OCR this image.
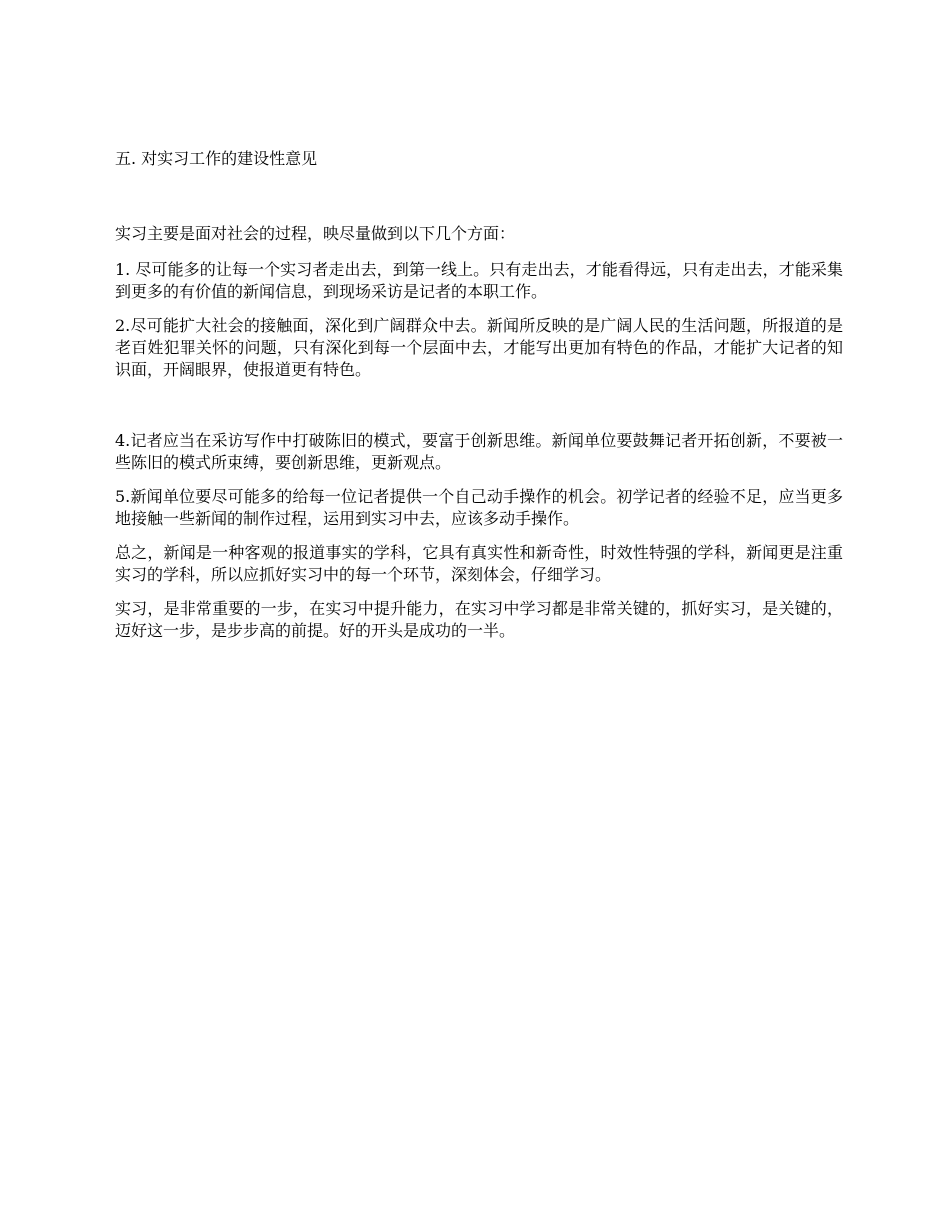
五. 对实习工作的建设性意见

实习主要是面对社会的过程，映尽量做到以下几个方面：

1. 尽可能多的让每一个实习者走出去，到第一线上。只有走出去，才能看得远，只有走出去，才能采集到更多的有价值的新闻信息，到现场采访是记者的本职工作。

2.尽可能扩大社会的接触面，深化到广阔群众中去。新闻所反映的是广阔人民的生活问题，所报道的是老百姓犯罪关怀的问题，只有深化到每一个层面中去，才能写出更加有特色的作品，才能扩大记者的知识面，开阔眼界，使报道更有特色。

4.记者应当在采访写作中打破陈旧的模式，要富于创新思维。新闻单位要鼓舞记者开拓创新，不要被一些陈旧的模式所束缚，要创新思维，更新观点。

5.新闻单位要尽可能多的给每一位记者提供一个自己动手操作的机会。初学记者的经验不足，应当更多地接触一些新闻的制作过程，运用到实习中去，应该多动手操作。

总之，新闻是一种客观的报道事实的学科，它具有真实性和新奇性，时效性特强的学科，新闻更是注重实习的学科，所以应抓好实习中的每一个环节，深刻体会，仔细学习。

实习，是非常重要的一步，在实习中提升能力，在实习中学习都是非常关键的，抓好实习，是关键的，迈好这一步，是步步高的前提。好的开头是成功的一半。
